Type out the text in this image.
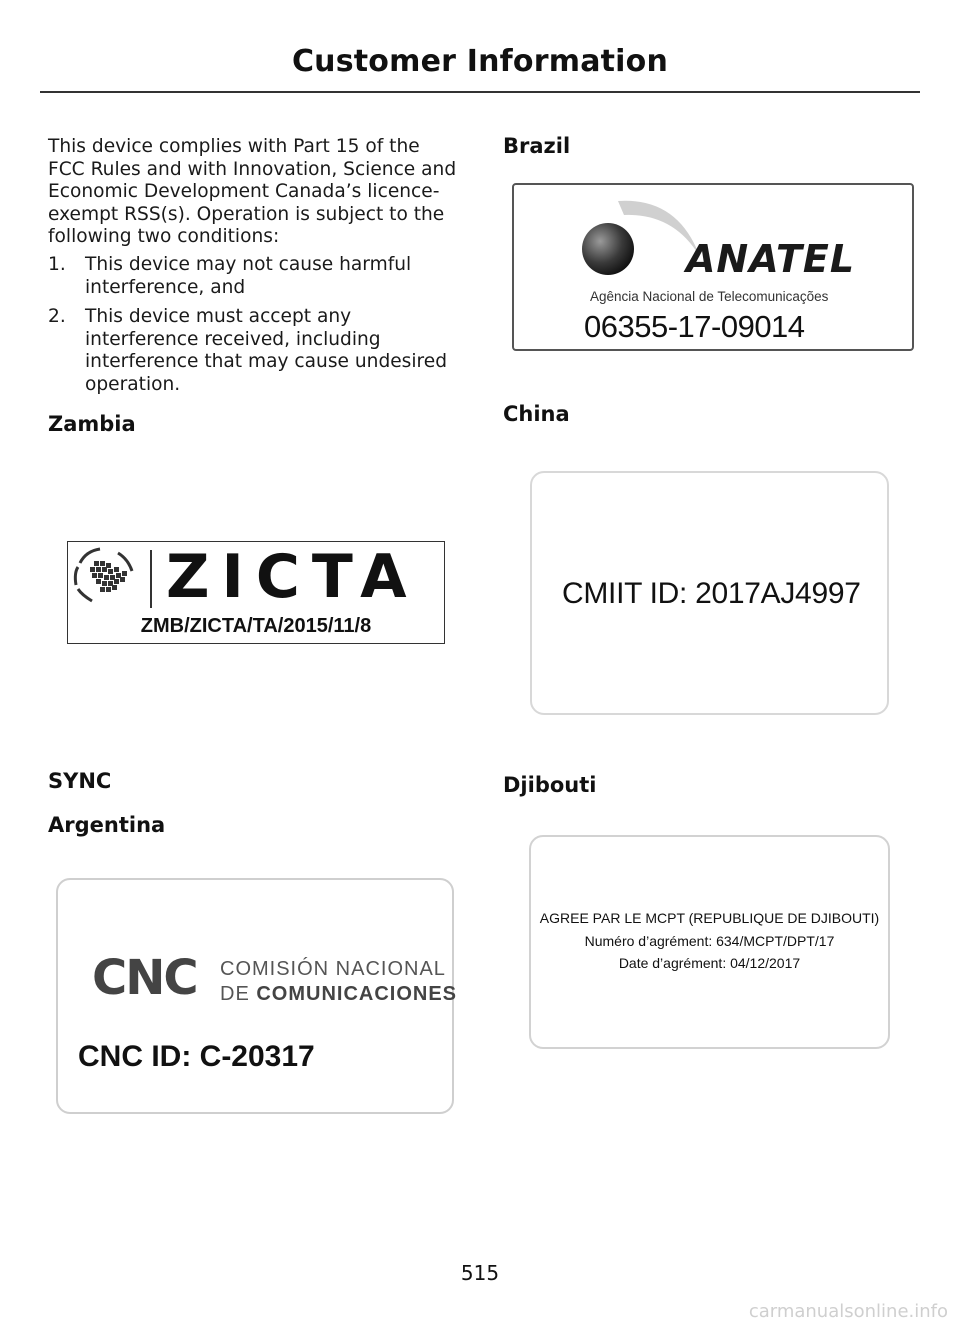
Customer Information
This device complies with Part 15 of the FCC Rules and with Innovation, Science and Economic Development Canada’s licence-exempt RSS(s). Operation is subject to the following two conditions:
1. This device may not cause harmful interference, and
2. This device must accept any interference received, including interference that may cause undesired operation.
Zambia
ZICTA
ZMB/ZICTA/TA/2015/11/8
SYNC
Argentina
CNC COMISIÓN NACIONAL
DE COMUNICACIONES
CNC ID: C-20317
Brazil
ANATEL
Agência Nacional de Telecomunicações
06355-17-09014
China
CMIIT ID: 2017AJ4997
Djibouti
AGREE PAR LE MCPT (REPUBLIQUE DE DJIBOUTI)
Numéro d’agrément: 634/MCPT/DPT/17
Date d’agrément: 04/12/2017
515
carmanualsonline.info
